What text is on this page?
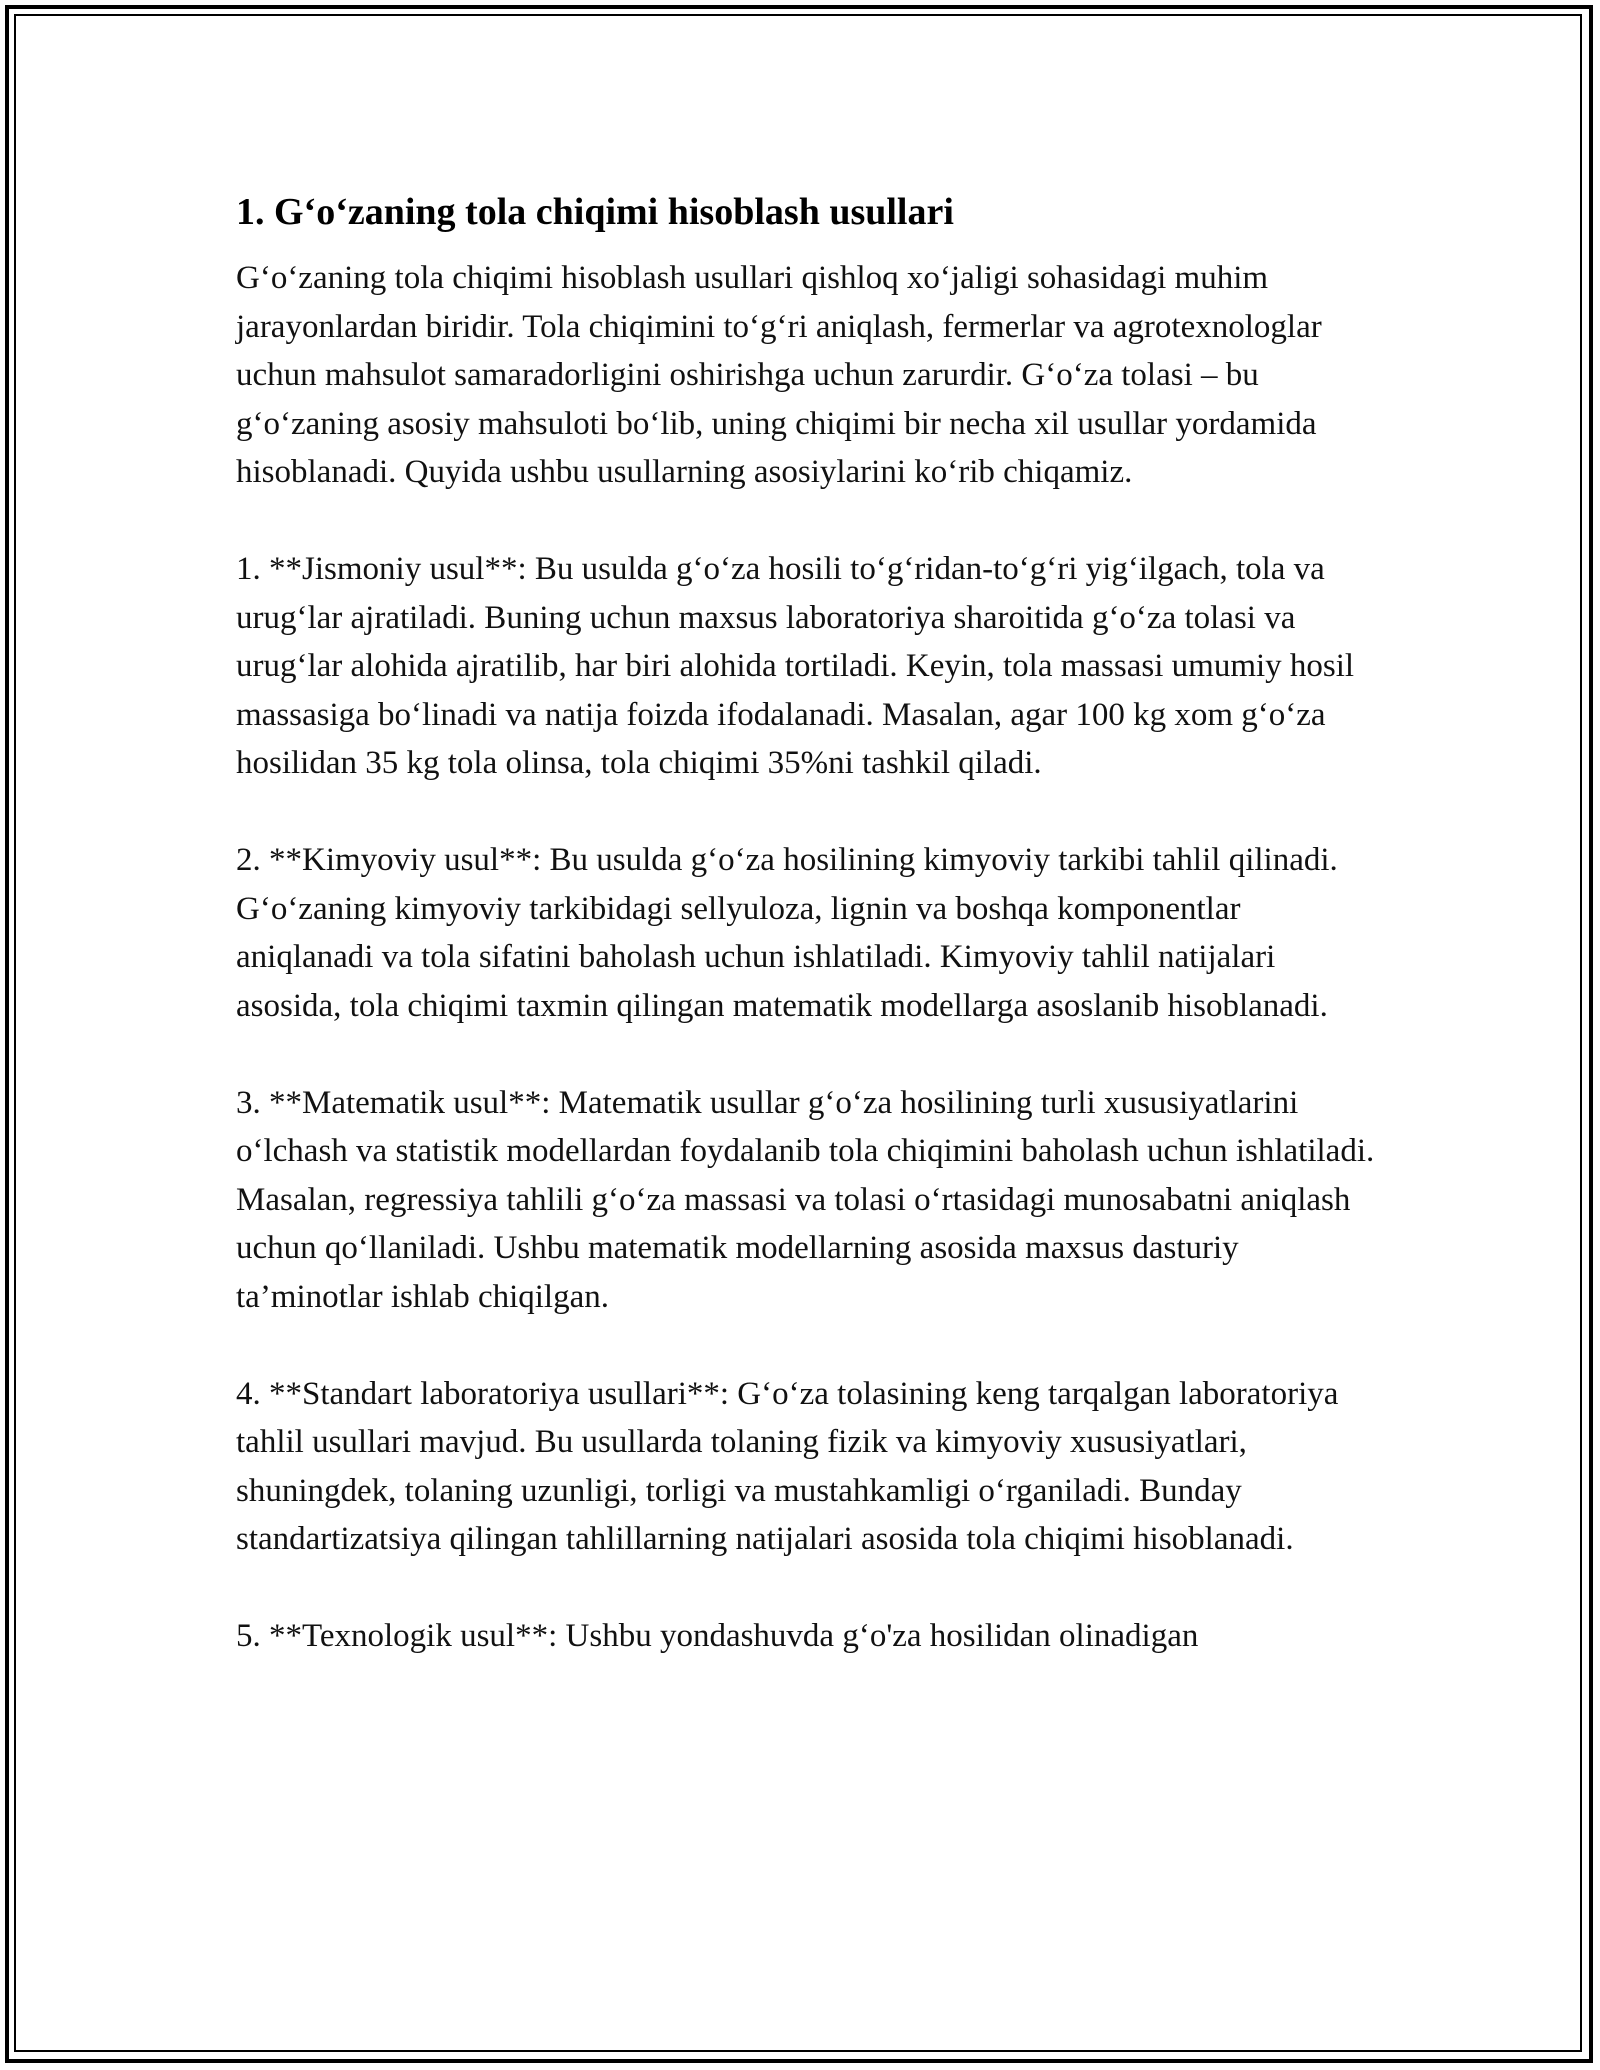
1. G‘o‘zaning tola chiqimi hisoblash usullari

G‘o‘zaning tola chiqimi hisoblash usullari qishloq xo‘jaligi sohasidagi muhim jarayonlardan biridir. Tola chiqimini to‘g‘ri aniqlash, fermerlar va agrotexnologlar uchun mahsulot samaradorligini oshirishga uchun zarurdir. G‘o‘za tolasi – bu g‘o‘zaning asosiy mahsuloti bo‘lib, uning chiqimi bir necha xil usullar yordamida hisoblanadi. Quyida ushbu usullarning asosiylarini ko‘rib chiqamiz.

1. **Jismoniy usul**: Bu usulda g‘o‘za hosili to‘g‘ridan-to‘g‘ri yig‘ilgach, tola va urug‘lar ajratiladi. Buning uchun maxsus laboratoriya sharoitida g‘o‘za tolasi va urug‘lar alohida ajratilib, har biri alohida tortiladi. Keyin, tola massasi umumiy hosil massasiga bo‘linadi va natija foizda ifodalanadi. Masalan, agar 100 kg xom g‘o‘za hosilidan 35 kg tola olinsa, tola chiqimi 35%ni tashkil qiladi.

2. **Kimyoviy usul**: Bu usulda g‘o‘za hosilining kimyoviy tarkibi tahlil qilinadi. G‘o‘zaning kimyoviy tarkibidagi sellyuloza, lignin va boshqa komponentlar aniqlanadi va tola sifatini baholash uchun ishlatiladi. Kimyoviy tahlil natijalari asosida, tola chiqimi taxmin qilingan matematik modellarga asoslanib hisoblanadi.

3. **Matematik usul**: Matematik usullar g‘o‘za hosilining turli xususiyatlarini o‘lchash va statistik modellardan foydalanib tola chiqimini baholash uchun ishlatiladi. Masalan, regressiya tahlili g‘o‘za massasi va tolasi o‘rtasidagi munosabatni aniqlash uchun qo‘llaniladi. Ushbu matematik modellarning asosida maxsus dasturiy ta’minotlar ishlab chiqilgan.

4. **Standart laboratoriya usullari**: G‘o‘za tolasining keng tarqalgan laboratoriya tahlil usullari mavjud. Bu usullarda tolaning fizik va kimyoviy xususiyatlari, shuningdek, tolaning uzunligi, torligi va mustahkamligi o‘rganiladi. Bunday standartizatsiya qilingan tahlillarning natijalari asosida tola chiqimi hisoblanadi.

5. **Texnologik usul**: Ushbu yondashuvda g‘o'za hosilidan olinadigan
